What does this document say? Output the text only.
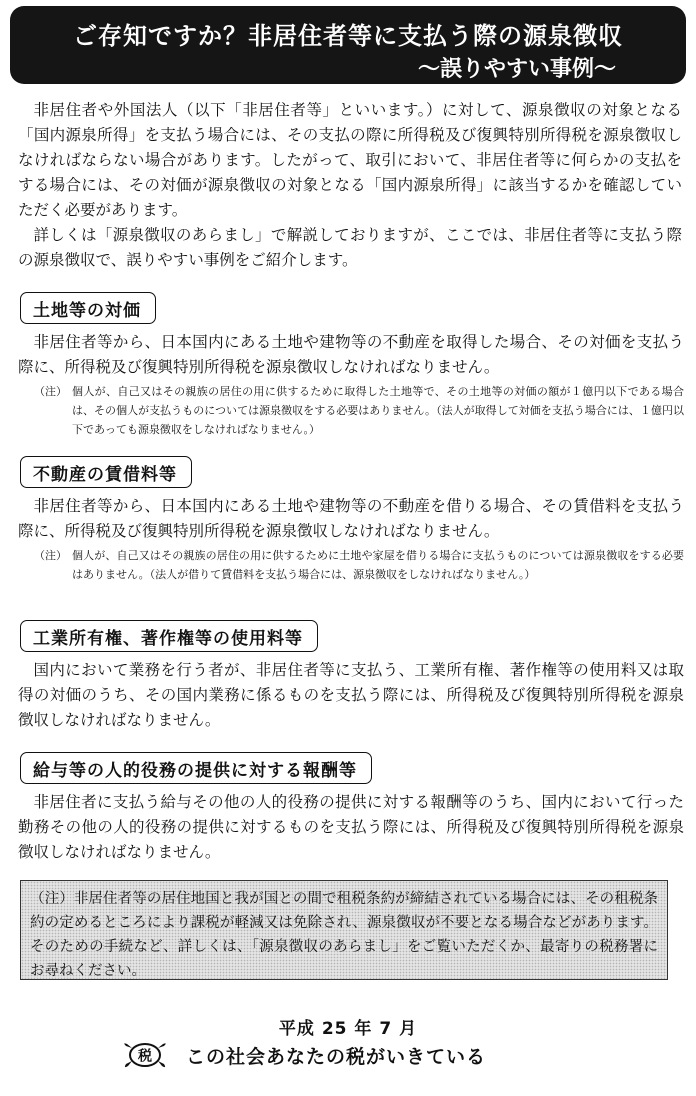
ご存知ですか？非居住者等に支払う際の源泉徴収
～誤りやすい事例～

非居住者や外国法人（以下「非居住者等」といいます。）に対して、源泉徴収の対象となる「国内源泉所得」を支払う場合には、その支払の際に所得税及び復興特別所得税を源泉徴収しなければならない場合があります。したがって、取引において、非居住者等に何らかの支払をする場合には、その対価が源泉徴収の対象となる「国内源泉所得」に該当するかを確認していただく必要があります。

詳しくは「源泉徴収のあらまし」で解説しておりますが、ここでは、非居住者等に支払う際の源泉徴収で、誤りやすい事例をご紹介します。

土地等の対価

非居住者等から、日本国内にある土地や建物等の不動産を取得した場合、その対価を支払う際に、所得税及び復興特別所得税を源泉徴収しなければなりません。

（注） 個人が、自己又はその親族の居住の用に供するために取得した土地等で、その土地等の対価の額が１億円以下である場合は、その個人が支払うものについては源泉徴収をする必要はありません。（法人が取得して対価を支払う場合には、１億円以下であっても源泉徴収をしなければなりません。）
不動産の賃借料等

非居住者等から、日本国内にある土地や建物等の不動産を借りる場合、その賃借料を支払う際に、所得税及び復興特別所得税を源泉徴収しなければなりません。

（注） 個人が、自己又はその親族の居住の用に供するために土地や家屋を借りる場合に支払うものについては源泉徴収をする必要はありません。（法人が借りて賃借料を支払う場合には、源泉徴収をしなければなりません。）
工業所有権、著作権等の使用料等

国内において業務を行う者が、非居住者等に支払う、工業所有権、著作権等の使用料又は取得の対価のうち、その国内業務に係るものを支払う際には、所得税及び復興特別所得税を源泉徴収しなければなりません。

給与等の人的役務の提供に対する報酬等

非居住者に支払う給与その他の人的役務の提供に対する報酬等のうち、国内において行った勤務その他の人的役務の提供に対するものを支払う際には、所得税及び復興特別所得税を源泉徴収しなければなりません。

（注）非居住者等の居住地国と我が国との間で租税条約が締結されている場合には、その租税条約の定めるところにより課税が軽減又は免除され、源泉徴収が不要となる場合などがあります。そのための手続など、詳しくは、「源泉徴収のあらまし」をご覧いただくか、最寄りの税務署にお尋ねください。

平成 25 年 7 月
税 この社会あなたの税がいきている
